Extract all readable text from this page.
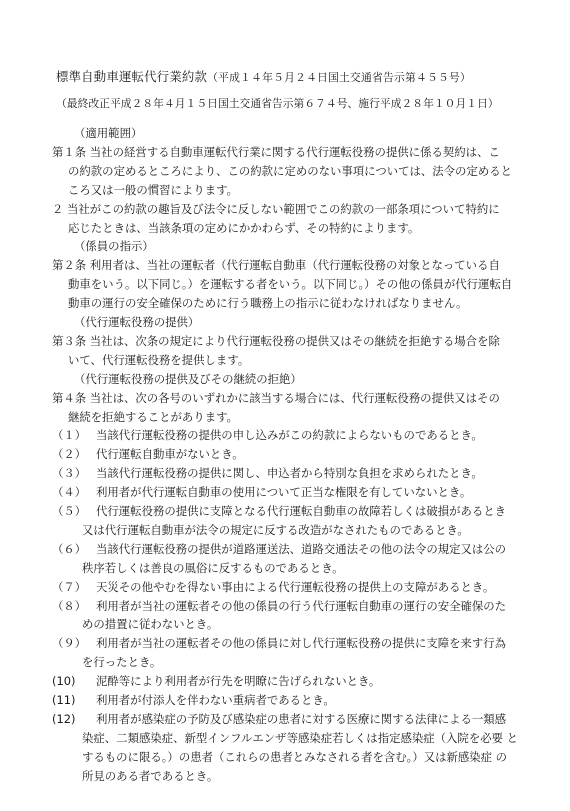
標準自動車運転代行業約款（平成１４年５月２４日国土交通省告示第４５５号）
（最終改正平成２８年４月１５日国土交通省告示第６７４号、施行平成２８年１０月１日）
（適用範囲）
第１条 当社の経営する自動車運転代行業に関する代行運転役務の提供に係る契約は、こ
の約款の定めるところにより、この約款に定めのない事項については、法令の定めると
ころ又は一般の慣習によります。
２ 当社がこの約款の趣旨及び法令に反しない範囲でこの約款の一部条項について特約に
応じたときは、当該条項の定めにかかわらず、その特約によります。
（係員の指示）
第２条 利用者は、当社の運転者（代行運転自動車（代行運転役務の対象となっている自
動車をいう。以下同じ。）を運転する者をいう。以下同じ。）その他の係員が代行運転自
動車の運行の安全確保のために行う職務上の指示に従わなければなりません。
（代行運転役務の提供）
第３条 当社は、次条の規定により代行運転役務の提供又はその継続を拒絶する場合を除
いて、代行運転役務を提供します。
（代行運転役務の提供及びその継続の拒絶）
第４条 当社は、次の各号のいずれかに該当する場合には、代行運転役務の提供又はその
継続を拒絶することがあります。
（１） 当該代行運転役務の提供の申し込みがこの約款によらないものであるとき。
（２） 代行運転自動車がないとき。
（３） 当該代行運転役務の提供に関し、申込者から特別な負担を求められたとき。
（４） 利用者が代行運転自動車の使用について正当な権限を有していないとき。
（５） 代行運転役務の提供に支障となる代行運転自動車の故障若しくは破損があるとき
又は代行運転自動車が法令の規定に反する改造がなされたものであるとき。
（６） 当該代行運転役務の提供が道路運送法、道路交通法その他の法令の規定又は公の
秩序若しくは善良の風俗に反するものであるとき。
（７） 天災その他やむを得ない事由による代行運転役務の提供上の支障があるとき。
（８） 利用者が当社の運転者その他の係員の行う代行運転自動車の運行の安全確保のた
めの措置に従わないとき。
（９） 利用者が当社の運転者その他の係員に対し代行運転役務の提供に支障を来す行為
を行ったとき。
(10) 泥酔等により利用者が行先を明瞭に告げられないとき。
(11) 利用者が付添人を伴わない重病者であるとき。
(12) 利用者が感染症の予防及び感染症の患者に対する医療に関する法律による一類感
染症、二類感染症、新型インフルエンザ等感染症若しくは指定感染症（入院を必要 と
するものに限る。）の患者（これらの患者とみなされる者を含む。）又は新感染症 の
所見のある者であるとき。
